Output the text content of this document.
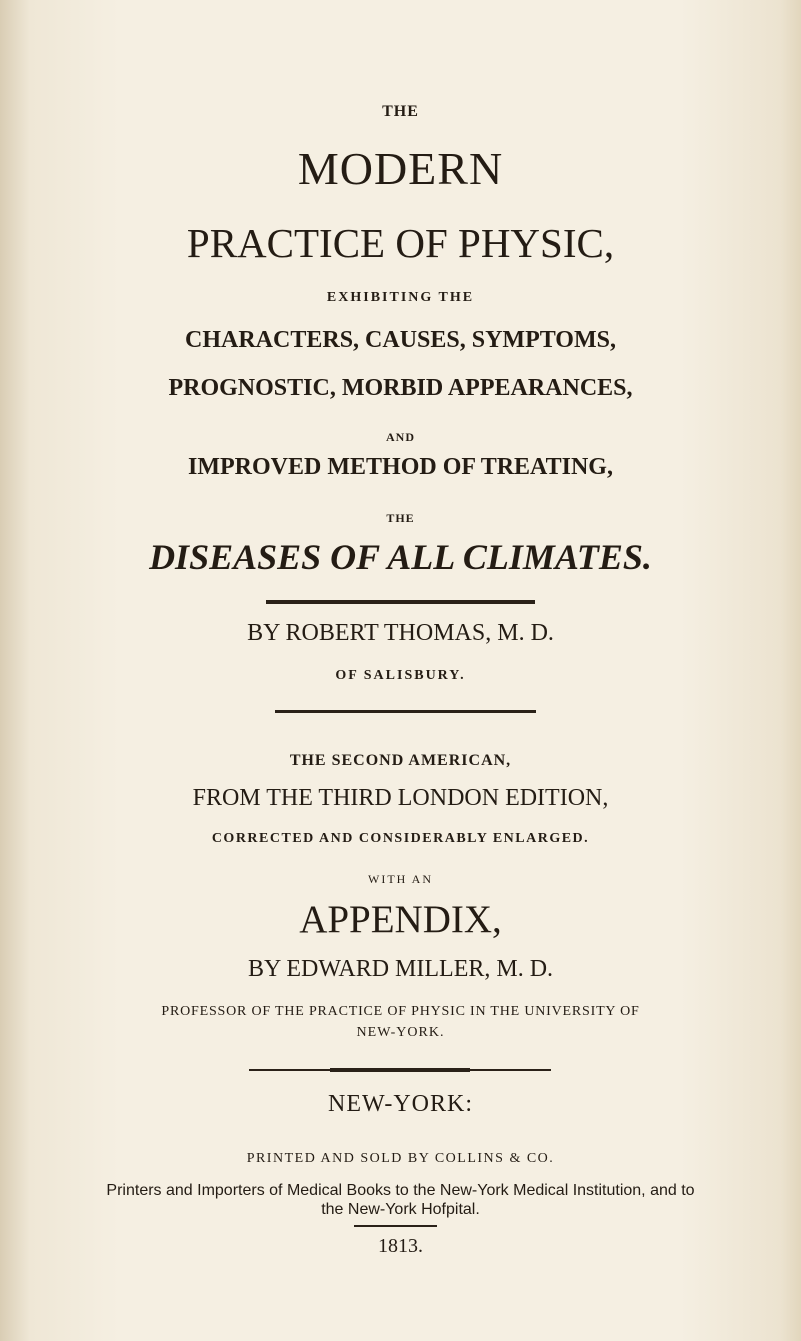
THE
MODERN
PRACTICE OF PHYSIC,
EXHIBITING THE
CHARACTERS, CAUSES, SYMPTOMS,
PROGNOSTIC, MORBID APPEARANCES,
AND
IMPROVED METHOD OF TREATING,
THE
DISEASES OF ALL CLIMATES.
BY ROBERT THOMAS, M. D.
OF SALISBURY.
THE SECOND AMERICAN,
FROM THE THIRD LONDON EDITION,
CORRECTED AND CONSIDERABLY ENLARGED.
WITH AN
APPENDIX,
BY EDWARD MILLER, M. D.
PROFESSOR OF THE PRACTICE OF PHYSIC IN THE UNIVERSITY OF
NEW-YORK.
NEW-YORK:
PRINTED AND SOLD BY COLLINS & CO.
Printers and Importers of Medical Books to the New-York Medical Institution, and to
the New-York Hofpital.
1813.
